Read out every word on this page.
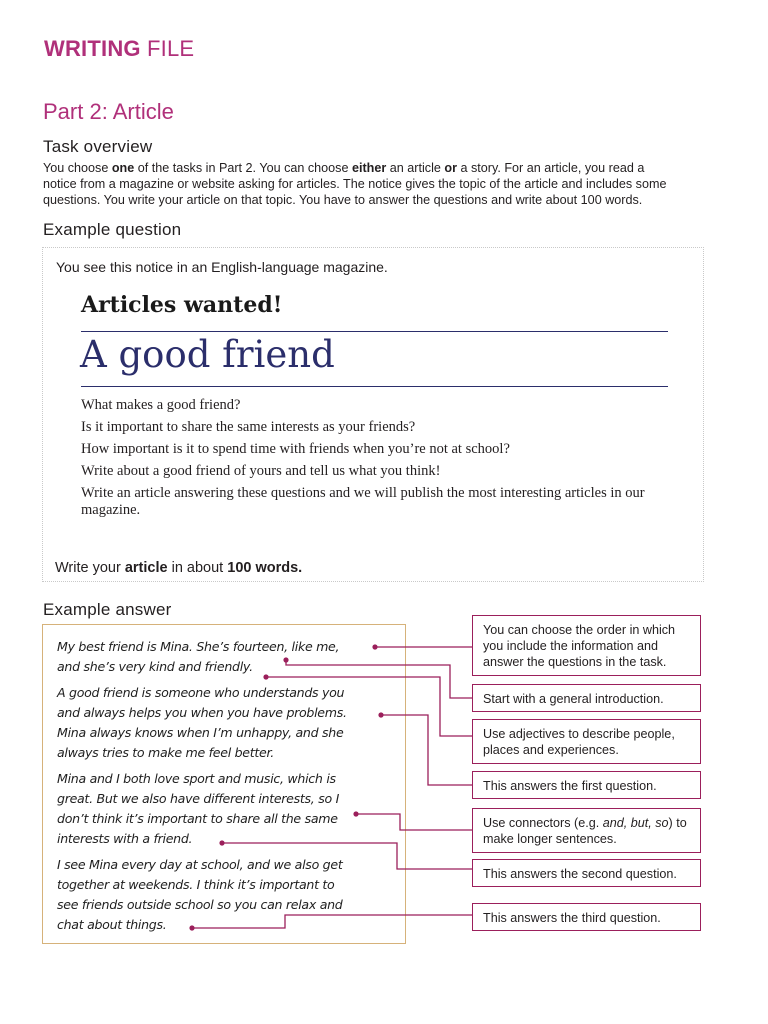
WRITING FILE
Part 2: Article
Task overview
You choose one of the tasks in Part 2. You can choose either an article or a story. For an article, you read a
notice from a magazine or website asking for articles. The notice gives the topic of the article and includes some
questions. You write your article on that topic. You have to answer the questions and write about 100 words.
Example question
You see this notice in an English-language magazine.
Articles wanted!
A good friend
What makes a good friend?
Is it important to share the same interests as your friends?
How important is it to spend time with friends when you’re not at school?
Write about a good friend of yours and tell us what you think!
Write an article answering these questions and we will publish the most interesting articles in our magazine.
Write your article in about 100 words.
Example answer
My best friend is Mina. She’s fourteen, like me,
and she’s very kind and friendly.
A good friend is someone who understands you
and always helps you when you have problems.
Mina always knows when I’m unhappy, and she
always tries to make me feel better.
Mina and I both love sport and music, which is
great. But we also have different interests, so I
don’t think it’s important to share all the same
interests with a friend.
I see Mina every day at school, and we also get
together at weekends. I think it’s important to
see friends outside school so you can relax and
chat about things.
You can choose the order in which you include the information and answer the questions in the task.
Start with a general introduction.
Use adjectives to describe people, places and experiences.
This answers the first question.
Use connectors (e.g. and, but, so) to make longer sentences.
This answers the second question.
This answers the third question.
